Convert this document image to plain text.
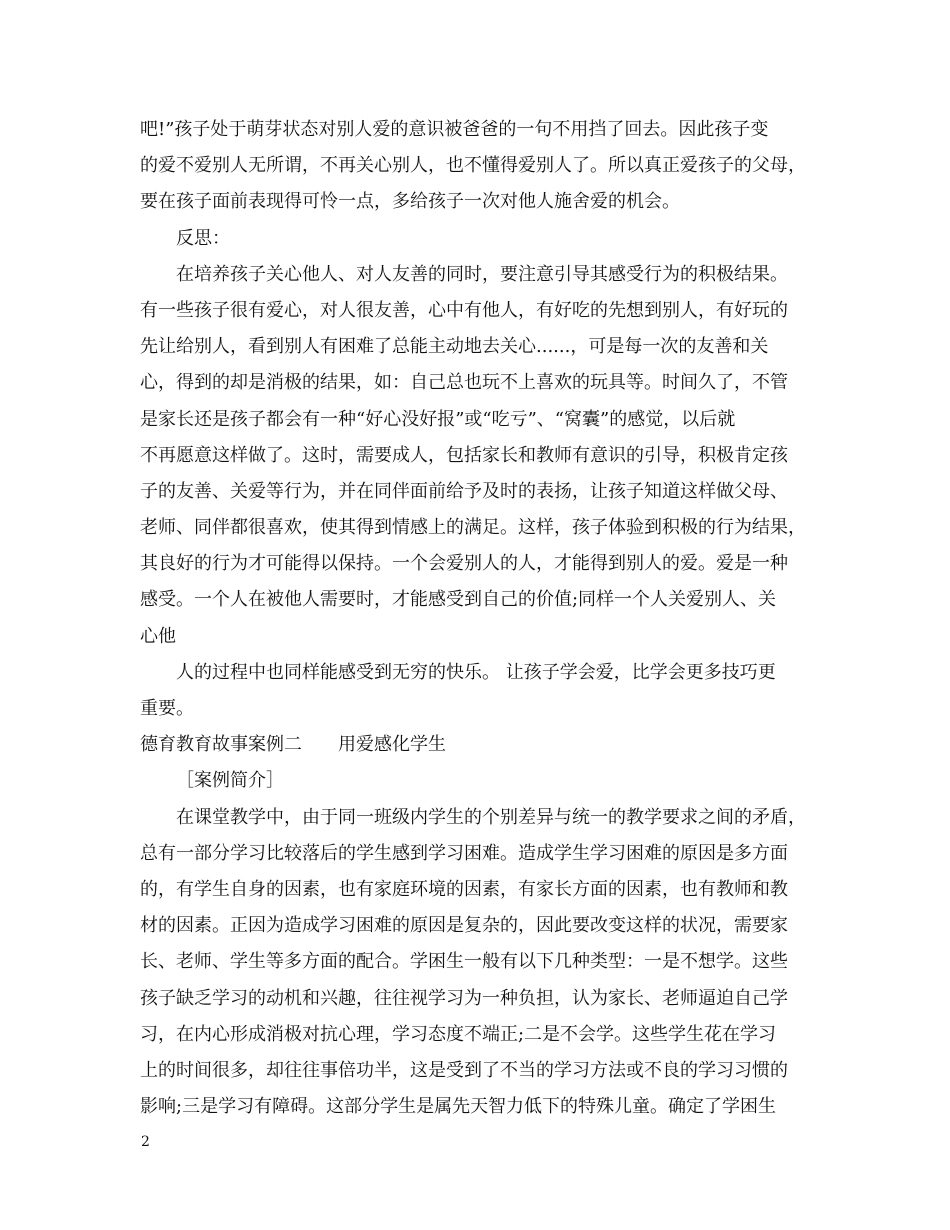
吧!”孩子处于萌芽状态对别人爱的意识被爸爸的一句不用挡了回去。因此孩子变
的爱不爱别人无所谓，不再关心别人，也不懂得爱别人了。所以真正爱孩子的父母，
要在孩子面前表现得可怜一点，多给孩子一次对他人施舍爱的机会。
反思：
在培养孩子关心他人、对人友善的同时，要注意引导其感受行为的积极结果。
有一些孩子很有爱心，对人很友善，心中有他人，有好吃的先想到别人，有好玩的
先让给别人，看到别人有困难了总能主动地去关心......，可是每一次的友善和关
心，得到的却是消极的结果，如：自己总也玩不上喜欢的玩具等。时间久了，不管
是家长还是孩子都会有一种“好心没好报”或“吃亏”、“窝囊”的感觉，以后就
不再愿意这样做了。这时，需要成人，包括家长和教师有意识的引导，积极肯定孩
子的友善、关爱等行为，并在同伴面前给予及时的表扬，让孩子知道这样做父母、
老师、同伴都很喜欢，使其得到情感上的满足。这样，孩子体验到积极的行为结果，
其良好的行为才可能得以保持。一个会爱别人的人，才能得到别人的爱。爱是一种
感受。一个人在被他人需要时，才能感受到自己的价值;同样一个人关爱别人、关
心他
人的过程中也同样能感受到无穷的快乐。 让孩子学会爱，比学会更多技巧更
重要。
德育教育故事案例二　　用爱感化学生
［案例简介］
在课堂教学中，由于同一班级内学生的个别差异与统一的教学要求之间的矛盾，
总有一部分学习比较落后的学生感到学习困难。造成学生学习困难的原因是多方面
的，有学生自身的因素，也有家庭环境的因素，有家长方面的因素，也有教师和教
材的因素。正因为造成学习困难的原因是复杂的，因此要改变这样的状况，需要家
长、老师、学生等多方面的配合。学困生一般有以下几种类型：一是不想学。这些
孩子缺乏学习的动机和兴趣，往往视学习为一种负担，认为家长、老师逼迫自己学
习，在内心形成消极对抗心理，学习态度不端正;二是不会学。这些学生花在学习
上的时间很多，却往往事倍功半，这是受到了不当的学习方法或不良的学习习惯的
影响;三是学习有障碍。这部分学生是属先天智力低下的特殊儿童。确定了学困生
2
